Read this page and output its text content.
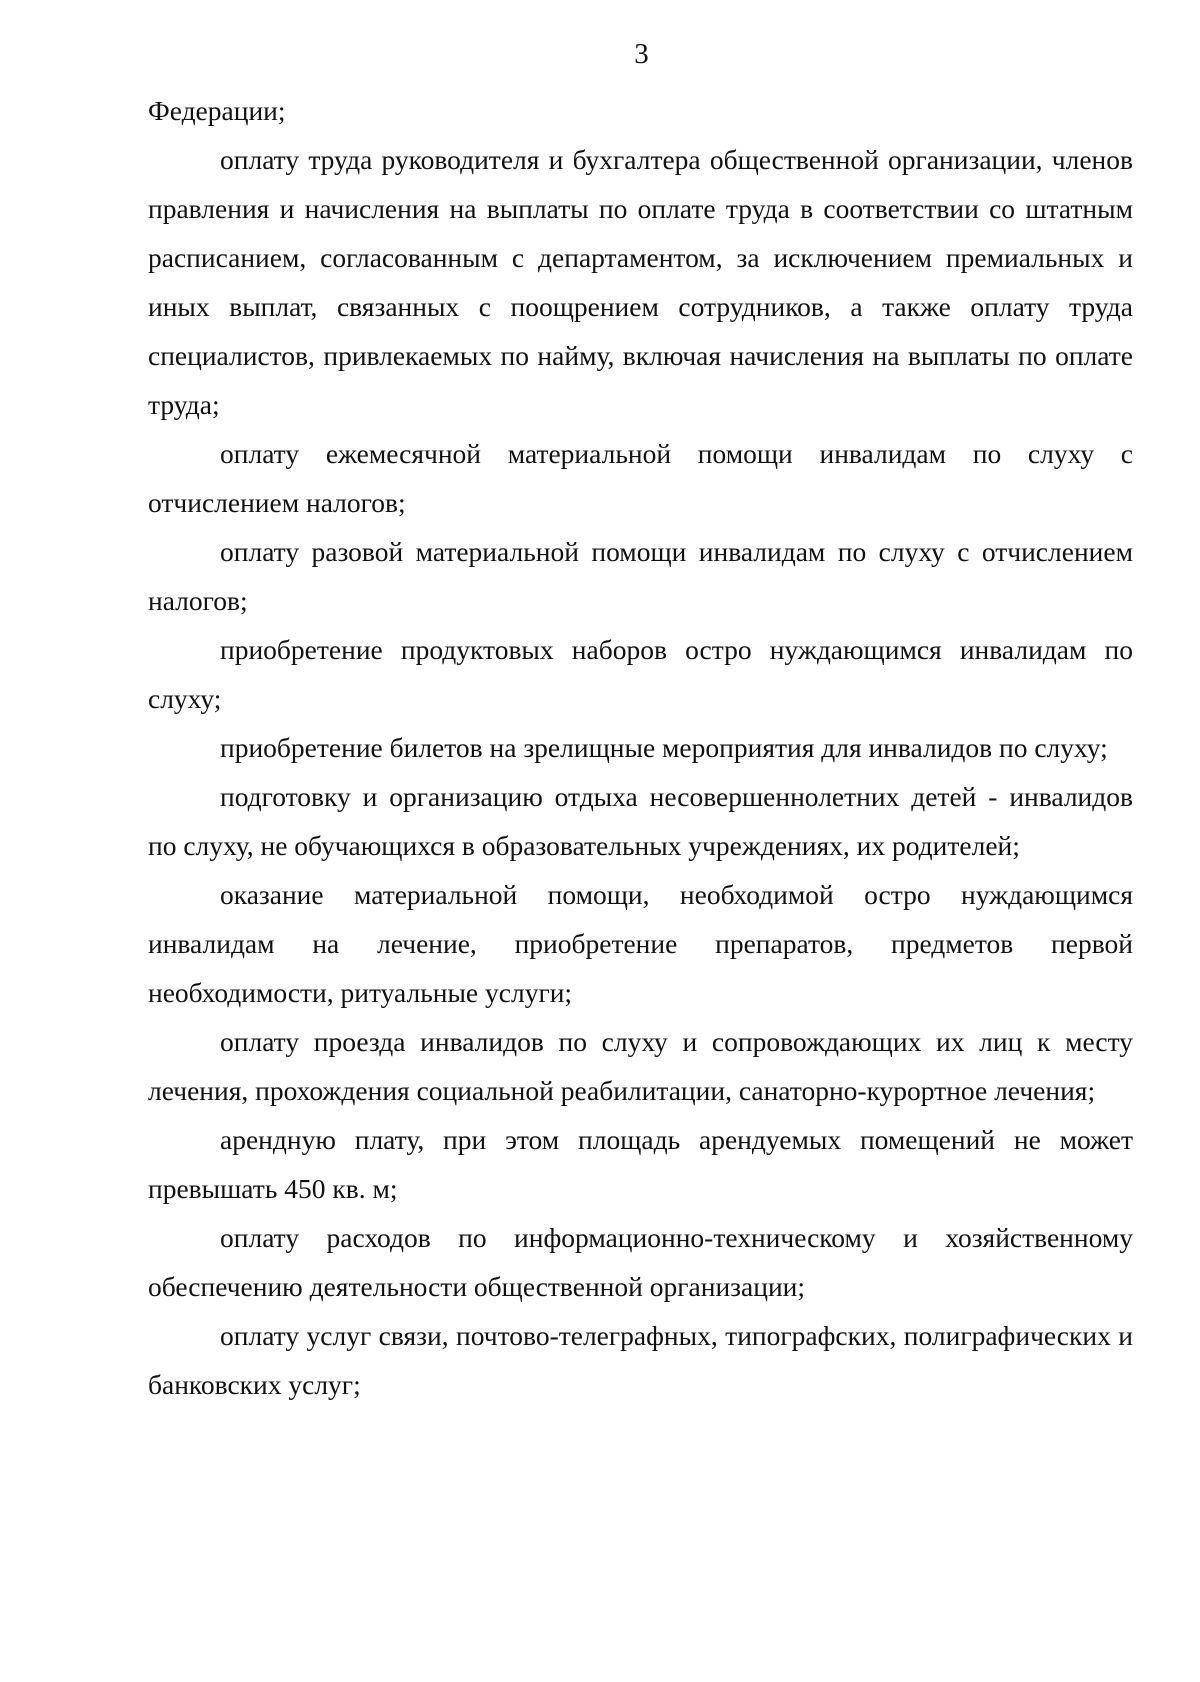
3

Федерации;

оплату труда руководителя и бухгалтера общественной организации, членов правления и начисления на выплаты по оплате труда в соответствии со штатным расписанием, согласованным с департаментом, за исключением премиальных и иных выплат, связанных с поощрением сотрудников, а также оплату труда специалистов, привлекаемых по найму, включая начисления на выплаты по оплате труда;

оплату ежемесячной материальной помощи инвалидам по слуху с отчислением налогов;

оплату разовой материальной помощи инвалидам по слуху с отчислением налогов;

приобретение продуктовых наборов остро нуждающимся инвалидам по слуху;

приобретение билетов на зрелищные мероприятия для инвалидов по слуху;

подготовку и организацию отдыха несовершеннолетних детей - инвалидов по слуху, не обучающихся в образовательных учреждениях, их родителей;

оказание материальной помощи, необходимой остро нуждающимся инвалидам на лечение, приобретение препаратов, предметов первой необходимости, ритуальные услуги;

оплату проезда инвалидов по слуху и сопровождающих их лиц к месту лечения, прохождения социальной реабилитации, санаторно-курортное лечения;

арендную плату, при этом площадь арендуемых помещений не может превышать 450 кв. м;

оплату расходов по информационно-техническому и хозяйственному обеспечению деятельности общественной организации;

оплату услуг связи, почтово-телеграфных, типографских, полиграфических и банковских услуг;
